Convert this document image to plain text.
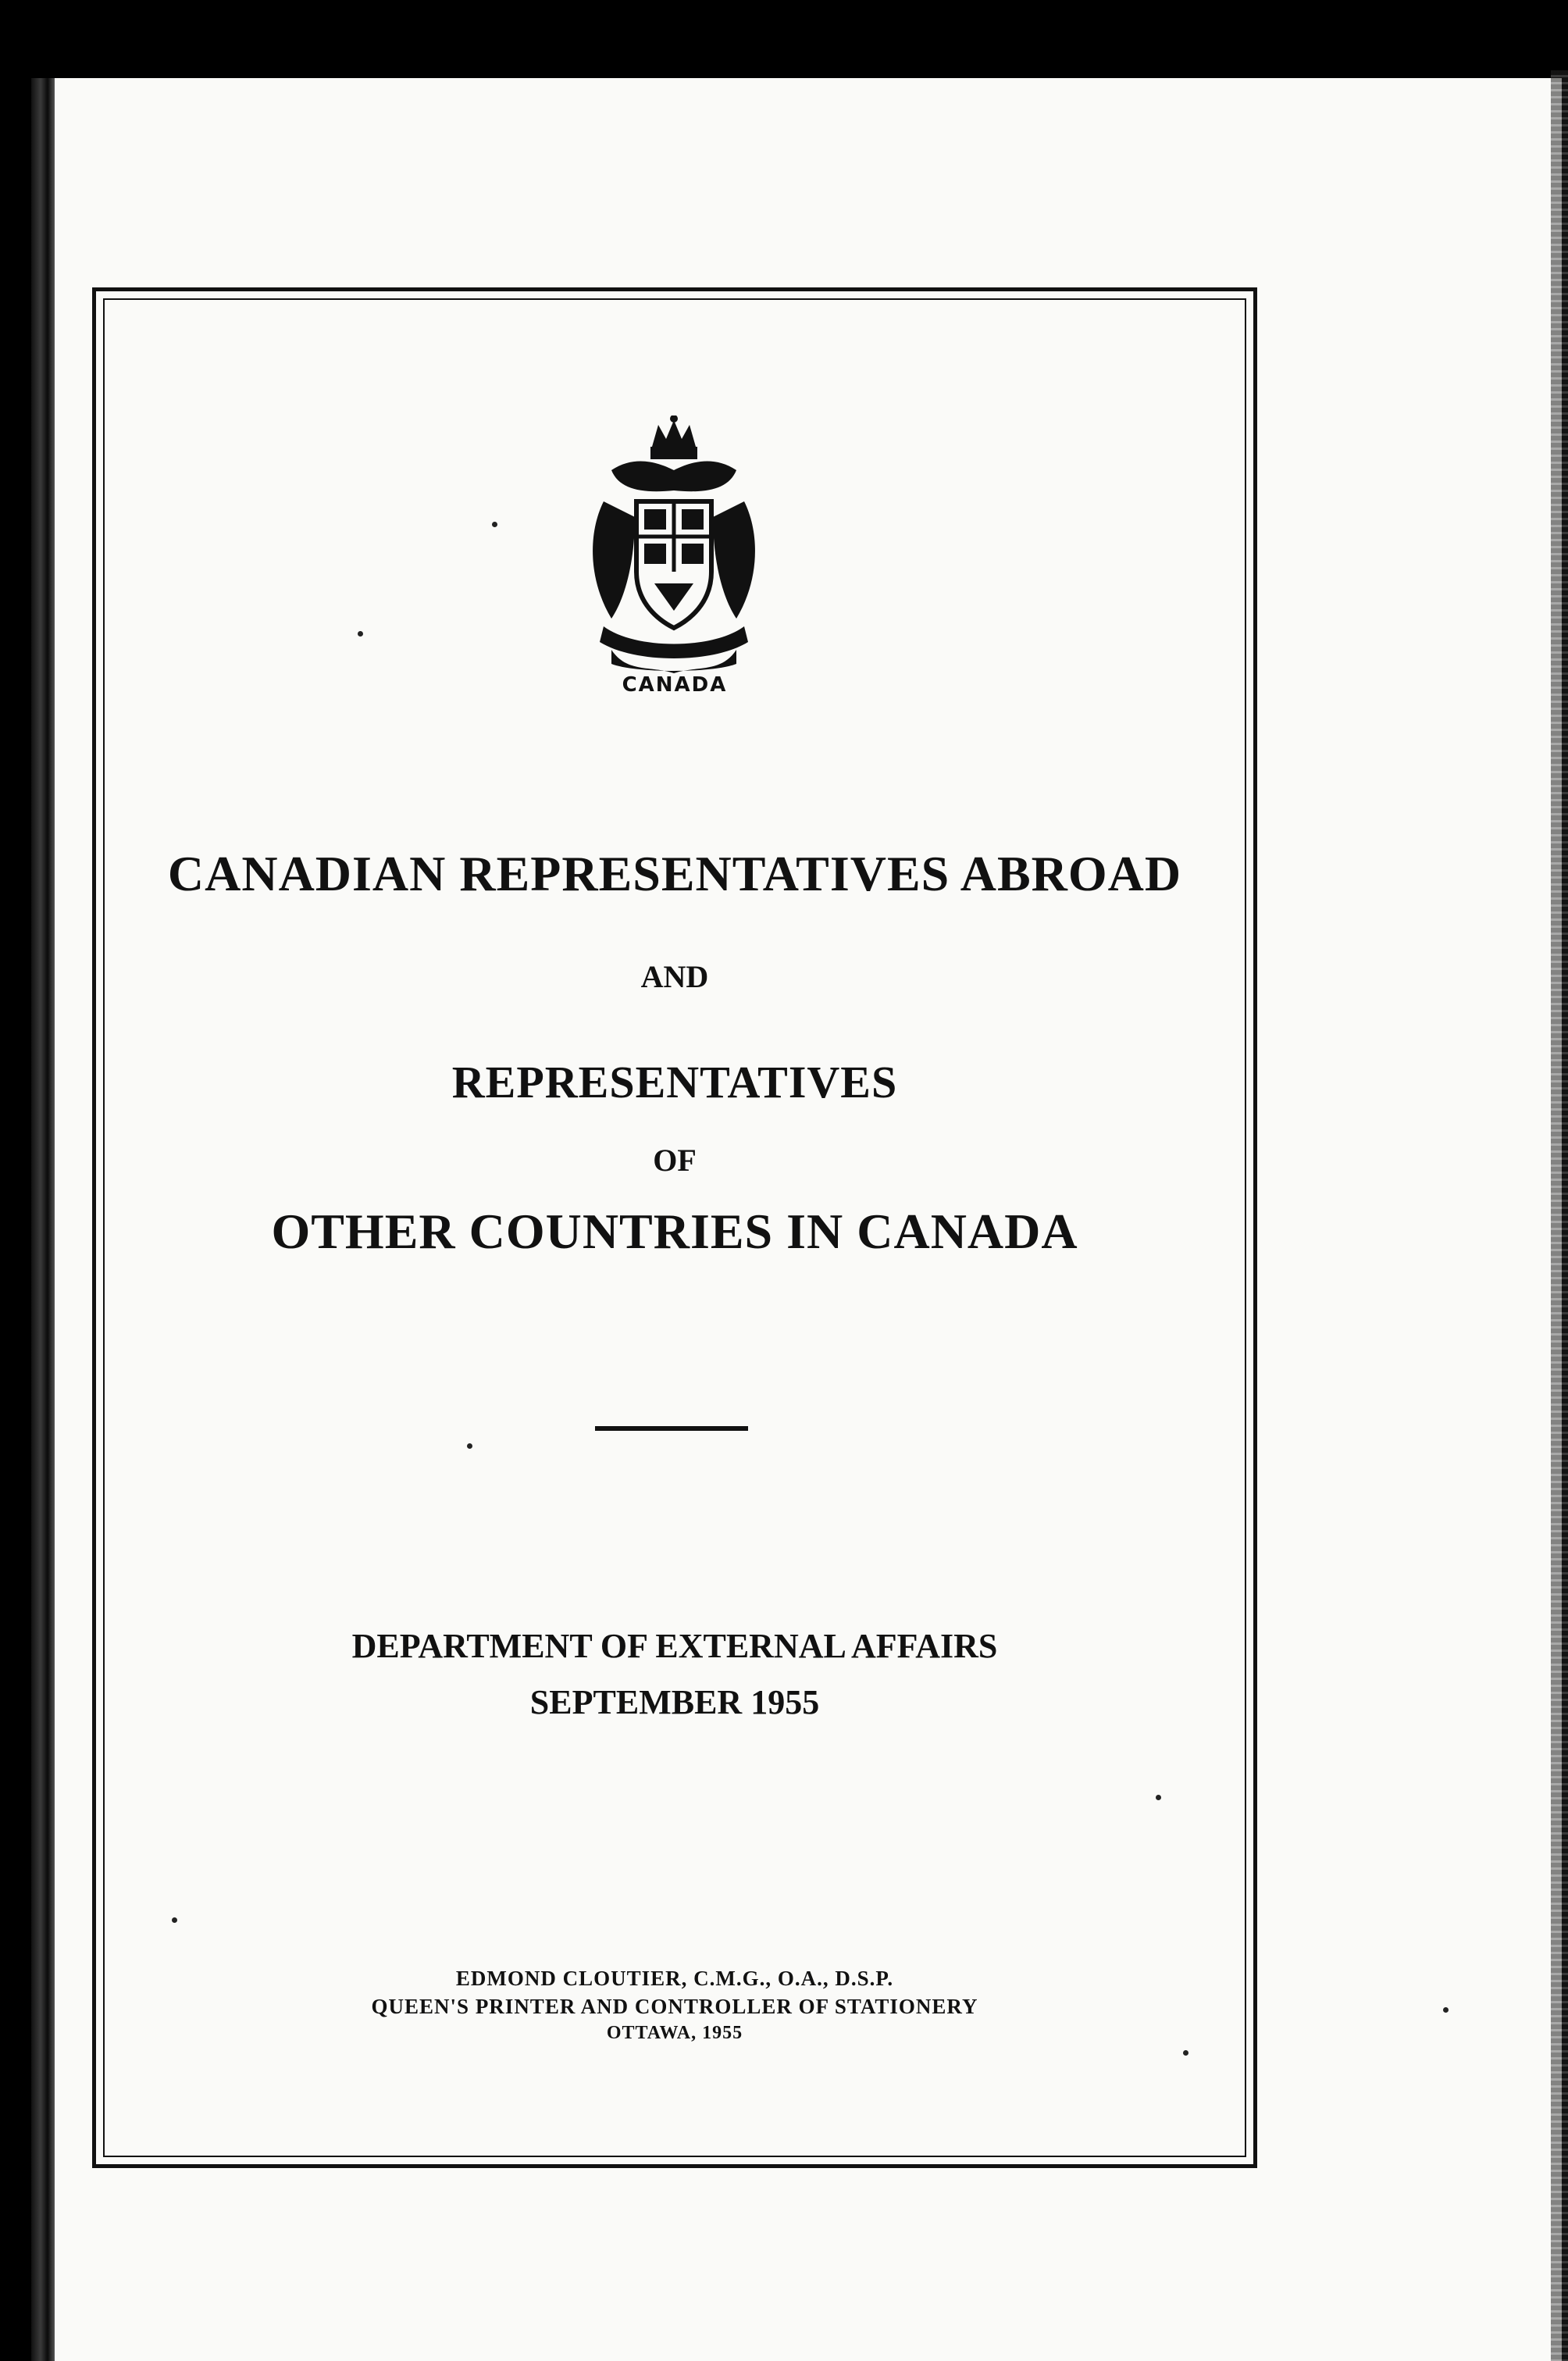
CANADA
CANADIAN REPRESENTATIVES ABROAD
AND
REPRESENTATIVES
OF
OTHER COUNTRIES IN CANADA
DEPARTMENT OF EXTERNAL AFFAIRS
SEPTEMBER 1955
EDMOND CLOUTIER, C.M.G., O.A., D.S.P.
QUEEN'S PRINTER AND CONTROLLER OF STATIONERY
OTTAWA, 1955
